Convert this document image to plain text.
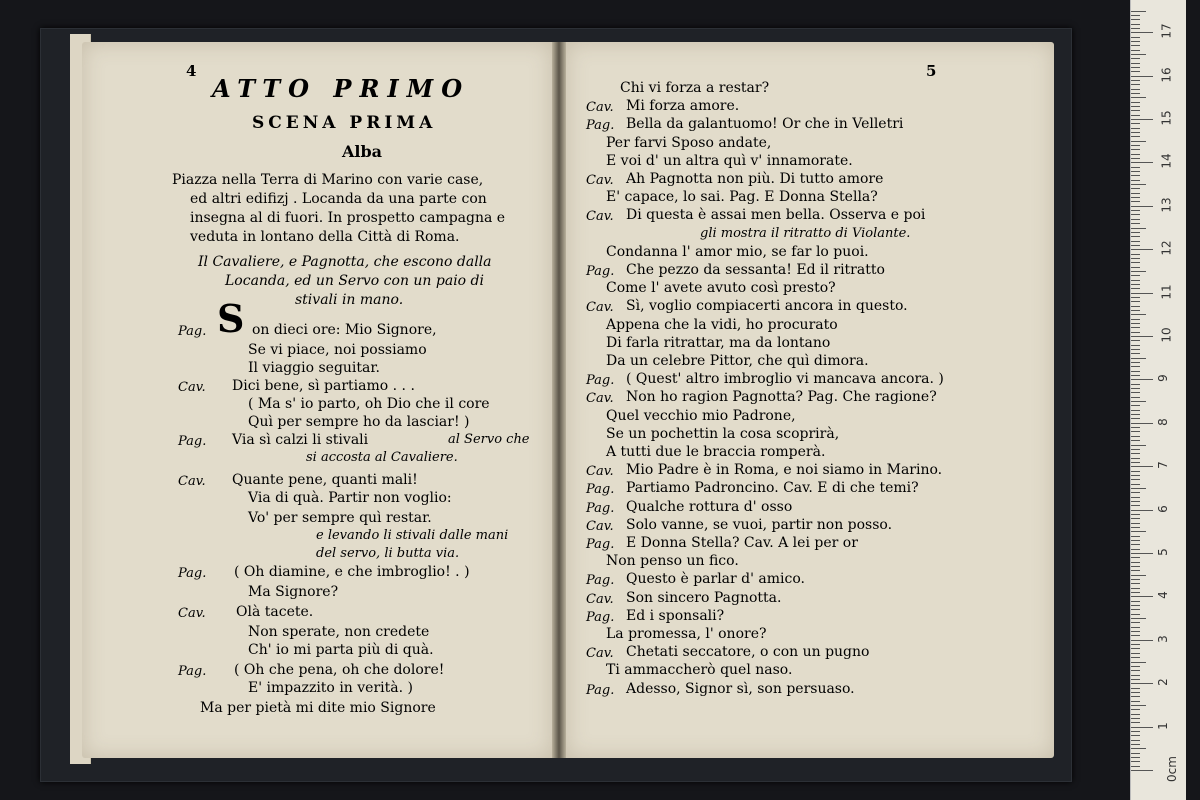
4
ATTO PRIMO
SCENA PRIMA
Alba
Piazza nella Terra di Marino con varie case,
ed altri edifizj . Locanda da una parte con
insegna al di fuori. In prospetto campagna e
veduta in lontano della Città di Roma.
Il Cavaliere, e Pagnotta, che escono dalla
Locanda, ed un Servo con un paio di
stivali in mano.
S
Pag.	on dieci ore: Mio Signore,
Se vi piace, noi possiamo
Il viaggio seguitar.
Cav. Dici bene, sì partiamo . . .
( Ma s' io parto, oh Dio che il core
Quì per sempre ho da lasciar! )
Pag. Via sì calzi li stivali	al Servo che
si accosta al Cavaliere.
Cav. Quante pene, quanti mali!
Via di quà. Partir non voglio:
Vo' per sempre quì restar.
e levando li stivali dalle mani
del servo, li butta via.
Pag. ( Oh diamine, e che imbroglio! . )
Ma Signore?
Cav. Olà tacete.
Non sperate, non credete
Ch' io mi parta più di quà.
Pag. ( Oh che pena, oh che dolore!
E' impazzito in verità. )
Ma per pietà mi dite mio Signore
5
Chi vi forza a restar?
Cav. Mi forza amore.
Pag. Bella da galantuomo! Or che in Velletri
Per farvi Sposo andate,
E voi d' un altra quì v' innamorate.
Cav. Ah Pagnotta non più. Di tutto amore
E' capace, lo sai. Pag. E Donna Stella?
Cav. Di questa è assai men bella. Osserva e poi
gli mostra il ritratto di Violante.
Condanna l' amor mio, se far lo puoi.
Pag. Che pezzo da sessanta! Ed il ritratto
Come l' avete avuto così presto?
Cav. Sì, voglio compiacerti ancora in questo.
Appena che la vidi, ho procurato
Di farla ritrattar, ma da lontano
Da un celebre Pittor, che quì dimora.
Pag. ( Quest' altro imbroglio vi mancava ancora. )
Cav. Non ho ragion Pagnotta? Pag. Che ragione?
Quel vecchio mio Padrone,
Se un pochettin la cosa scoprirà,
A tutti due le braccia romperà.
Cav. Mio Padre è in Roma, e noi siamo in Marino.
Pag. Partiamo Padroncino. Cav. E di che temi?
Pag. Qualche rottura d' osso
Cav. Solo vanne, se vuoi, partir non posso.
Pag. E Donna Stella? Cav. A lei per or
Non penso un fico.
Pag. Questo è parlar d' amico.
Cav. Son sincero Pagnotta.
Pag. Ed i sponsali?
La promessa, l' onore?
Cav. Chetati seccatore, o con un pugno
Ti ammaccherò quel naso.
Pag. Adesso, Signor sì, son persuaso.
0cm
1
2
3
4
5
6
7
8
9
10
11
12
13
14
15
16
17
